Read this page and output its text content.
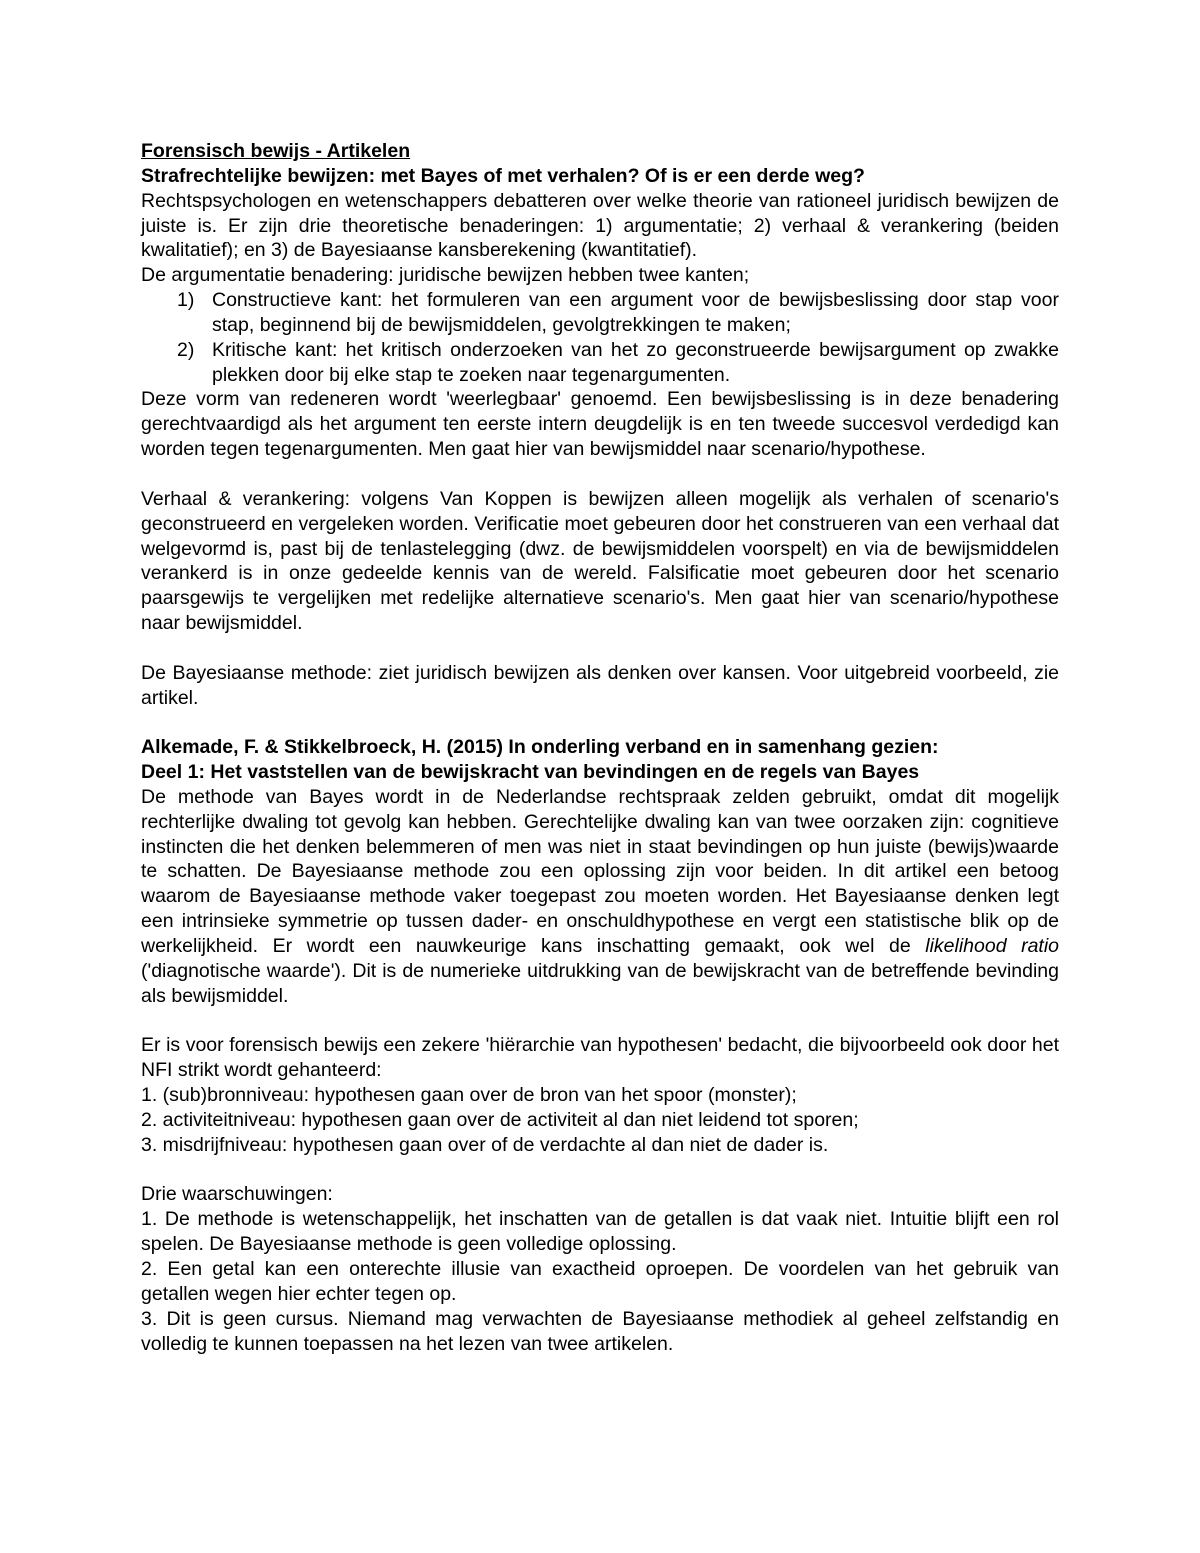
Forensisch bewijs - Artikelen
Strafrechtelijke bewijzen: met Bayes of met verhalen? Of is er een derde weg?

Rechtspsychologen en wetenschappers debatteren over welke theorie van rationeel juridisch bewijzen de juiste is. Er zijn drie theoretische benaderingen: 1) argumentatie; 2) verhaal & verankering (beiden kwalitatief); en 3) de Bayesiaanse kansberekening (kwantitatief).

De argumentatie benadering: juridische bewijzen hebben twee kanten;

1) Constructieve kant: het formuleren van een argument voor de bewijsbeslissing door stap voor stap, beginnend bij de bewijsmiddelen, gevolgtrekkingen te maken;
2) Kritische kant: het kritisch onderzoeken van het zo geconstrueerde bewijsargument op zwakke plekken door bij elke stap te zoeken naar tegenargumenten.

Deze vorm van redeneren wordt 'weerlegbaar' genoemd. Een bewijsbeslissing is in deze benadering gerechtvaardigd als het argument ten eerste intern deugdelijk is en ten tweede succesvol verdedigd kan worden tegen tegenargumenten. Men gaat hier van bewijsmiddel naar scenario/hypothese.

Verhaal & verankering: volgens Van Koppen is bewijzen alleen mogelijk als verhalen of scenario's geconstrueerd en vergeleken worden. Verificatie moet gebeuren door het construeren van een verhaal dat welgevormd is, past bij de tenlastelegging (dwz. de bewijsmiddelen voorspelt) en via de bewijsmiddelen verankerd is in onze gedeelde kennis van de wereld. Falsificatie moet gebeuren door het scenario paarsgewijs te vergelijken met redelijke alternatieve scenario's. Men gaat hier van scenario/hypothese naar bewijsmiddel.

De Bayesiaanse methode: ziet juridisch bewijzen als denken over kansen. Voor uitgebreid voorbeeld, zie artikel.

Alkemade, F. & Stikkelbroeck, H. (2015) In onderling verband en in samenhang gezien:
Deel 1: Het vaststellen van de bewijskracht van bevindingen en de regels van Bayes

De methode van Bayes wordt in de Nederlandse rechtspraak zelden gebruikt, omdat dit mogelijk rechterlijke dwaling tot gevolg kan hebben. Gerechtelijke dwaling kan van twee oorzaken zijn: cognitieve instincten die het denken belemmeren of men was niet in staat bevindingen op hun juiste (bewijs)waarde te schatten. De Bayesiaanse methode zou een oplossing zijn voor beiden. In dit artikel een betoog waarom de Bayesiaanse methode vaker toegepast zou moeten worden. Het Bayesiaanse denken legt een intrinsieke symmetrie op tussen dader- en onschuldhypothese en vergt een statistische blik op de werkelijkheid. Er wordt een nauwkeurige kans inschatting gemaakt, ook wel de likelihood ratio ('diagnotische waarde'). Dit is de numerieke uitdrukking van de bewijskracht van de betreffende bevinding als bewijsmiddel.

Er is voor forensisch bewijs een zekere 'hiërarchie van hypothesen' bedacht, die bijvoorbeeld ook door het NFI strikt wordt gehanteerd:

1. (sub)bronniveau: hypothesen gaan over de bron van het spoor (monster);
2. activiteitniveau: hypothesen gaan over de activiteit al dan niet leidend tot sporen;
3. misdrijfniveau: hypothesen gaan over of de verdachte al dan niet de dader is.
Drie waarschuwingen:

1. De methode is wetenschappelijk, het inschatten van de getallen is dat vaak niet. Intuitie blijft een rol spelen. De Bayesiaanse methode is geen volledige oplossing.

2. Een getal kan een onterechte illusie van exactheid oproepen. De voordelen van het gebruik van getallen wegen hier echter tegen op.

3. Dit is geen cursus. Niemand mag verwachten de Bayesiaanse methodiek al geheel zelfstandig en volledig te kunnen toepassen na het lezen van twee artikelen.
